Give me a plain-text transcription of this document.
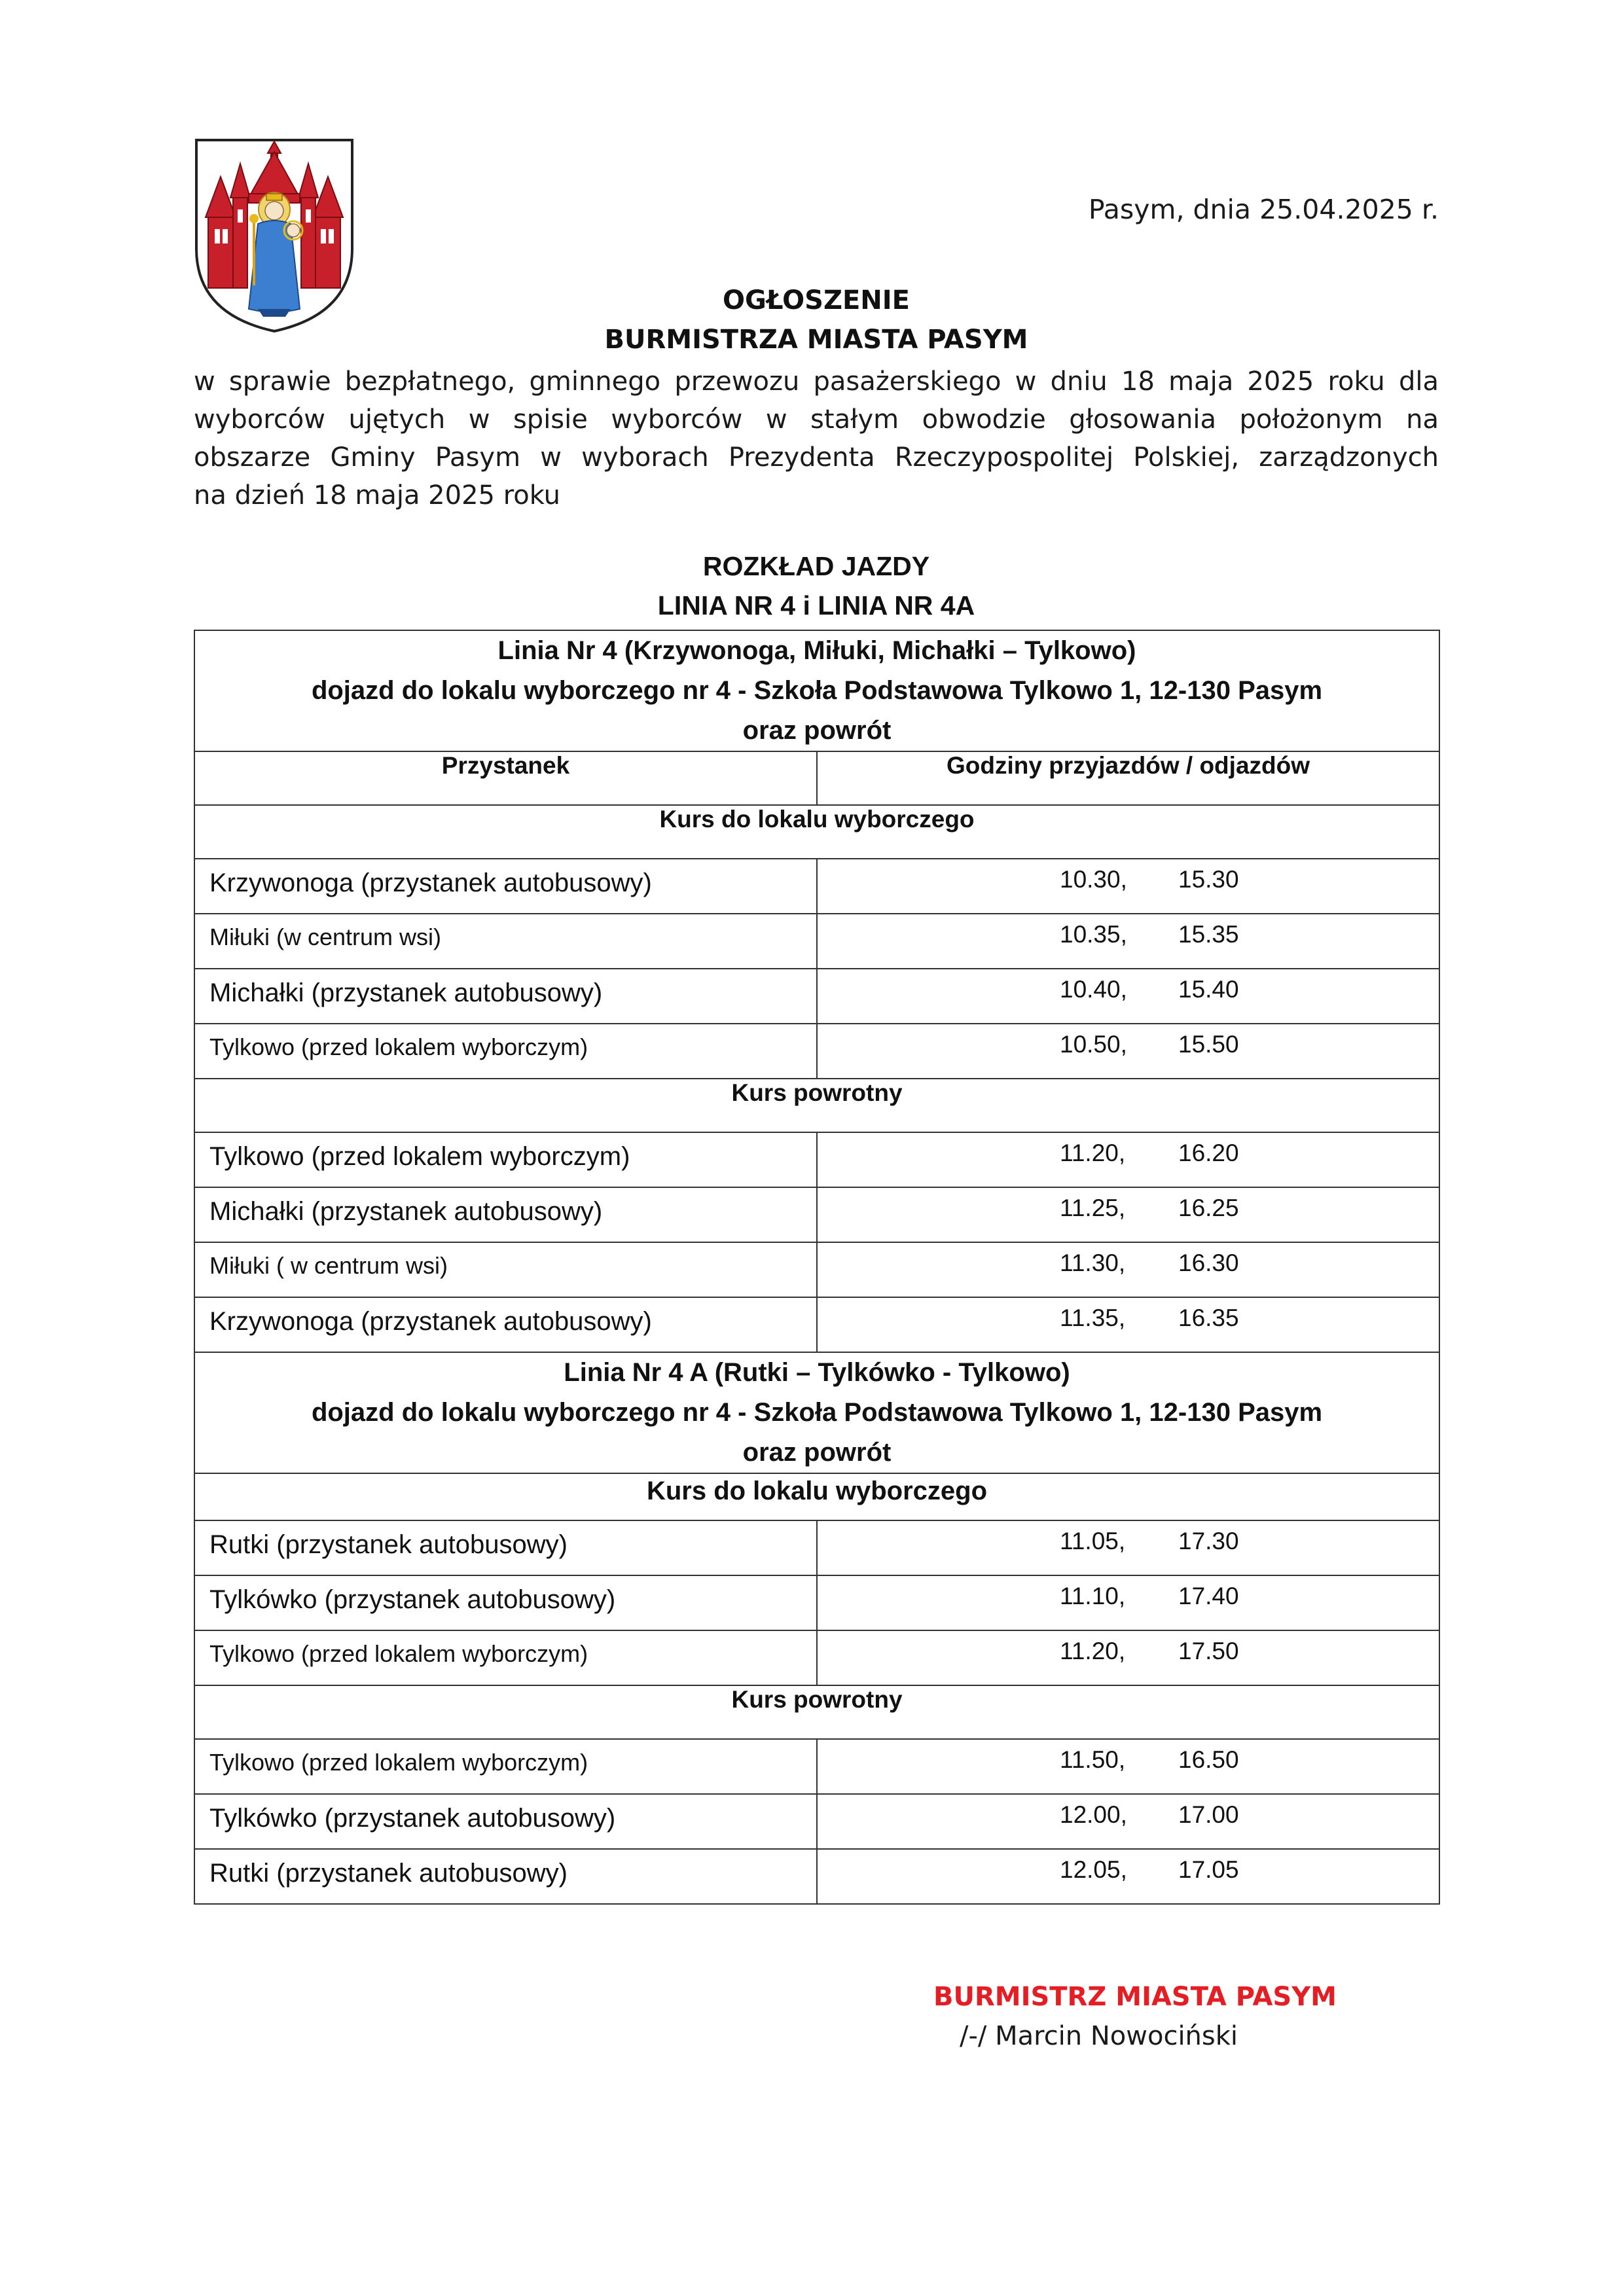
Pasym, dnia 25.04.2025 r.
OGŁOSZENIE
BURMISTRZA MIASTA PASYM
w sprawie bezpłatnego, gminnego przewozu pasażerskiego w dniu 18 maja 2025 roku dla
wyborców ujętych w spisie wyborców w stałym obwodzie głosowania położonym na
obszarze Gminy Pasym w wyborach Prezydenta Rzeczypospolitej Polskiej, zarządzonych
na dzień 18 maja 2025 roku
ROZKŁAD JAZDY
LINIA NR 4 i LINIA NR 4A
Linia Nr 4 (Krzywonoga, Miłuki, Michałki – Tylkowo)
dojazd do lokalu wyborczego nr 4 - Szkoła Podstawowa Tylkowo 1, 12-130 Pasym
oraz powrót	

Przystanek	Godziny przyjazdów / odjazdów
Kurs do lokalu wyborczego	

Krzywonoga (przystanek autobusowy)	10.30, 15.30

Miłuki (w centrum wsi)	10.35, 15.35

Michałki (przystanek autobusowy)	10.40, 15.40

Tylkowo (przed lokalem wyborczym)	10.50, 15.50

Kurs powrotny	

Tylkowo (przed lokalem wyborczym)	11.20, 16.20

Michałki (przystanek autobusowy)	11.25, 16.25

Miłuki ( w centrum wsi)	11.30, 16.30

Krzywonoga (przystanek autobusowy)	11.35, 16.35

Linia Nr 4 A (Rutki – Tylkówko - Tylkowo)
dojazd do lokalu wyborczego nr 4 - Szkoła Podstawowa Tylkowo 1, 12-130 Pasym
oraz powrót	

Kurs do lokalu wyborczego	

Rutki (przystanek autobusowy)	11.05, 17.30

Tylkówko (przystanek autobusowy)	11.10, 17.40

Tylkowo (przed lokalem wyborczym)	11.20, 17.50

Kurs powrotny	

Tylkowo (przed lokalem wyborczym)	11.50, 16.50

Tylkówko (przystanek autobusowy)	12.00, 17.00

Rutki (przystanek autobusowy)	12.05, 17.05
BURMISTRZ MIASTA PASYM
/-/ Marcin Nowociński
